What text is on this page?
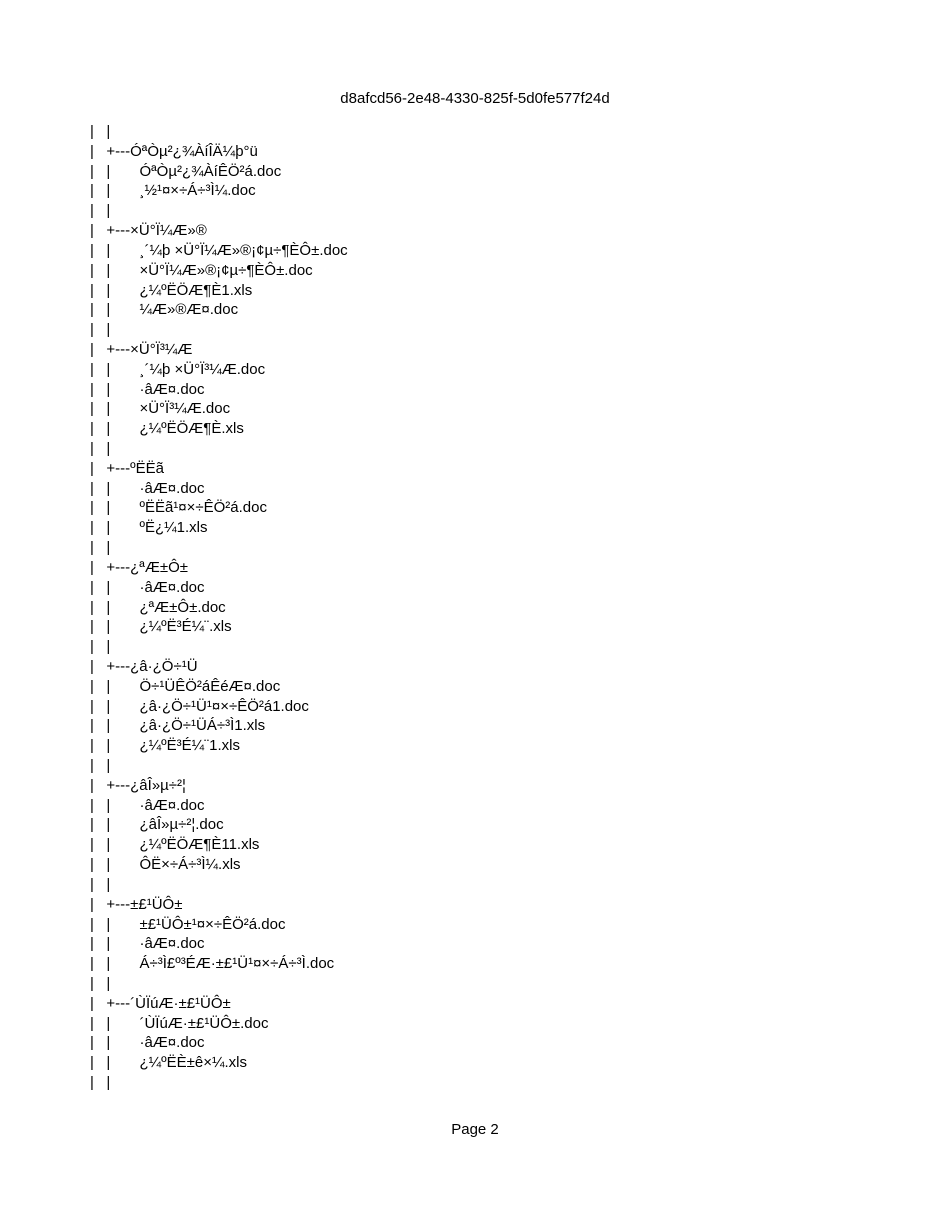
d8afcd56-2e48-4330-825f-5d0fe577f24d
|   |
|   +---ÓªÒµ²¿¾ÀíÎÄ¼þ°ü
|   |       ÓªÒµ²¿¾ÀíÊÖ²á.doc
|   |       ¸½¹¤×÷Á÷³Ì¼.doc
|   |
|   +---×Ü°Ï¼Æ»®
|   |       ¸´¼þ ×Ü°Ï¼Æ»®¡¢µ÷¶ÈÔ±.doc
|   |       ×Ü°Ï¼Æ»®¡¢µ÷¶ÈÔ±.doc
|   |       ¿¼ºËÖÆ¶È1.xls
|   |       ¼Æ»®Æ¤.doc
|   |
|   +---×Ü°Ï³¼Æ
|   |       ¸´¼þ ×Ü°Ï³¼Æ.doc
|   |       ·âÆ¤.doc
|   |       ×Ü°Ï³¼Æ.doc
|   |       ¿¼ºËÖÆ¶È.xls
|   |
|   +---ºËËã
|   |       ·âÆ¤.doc
|   |       ºËËã¹¤×÷ÊÖ²á.doc
|   |       ºË¿¼1.xls
|   |
|   +---¿ªÆ±Ô±
|   |       ·âÆ¤.doc
|   |       ¿ªÆ±Ô±.doc
|   |       ¿¼ºË³É¼¨.xls
|   |
|   +---¿â·¿Ö÷¹Ü
|   |       Ö÷¹ÜÊÖ²áÊéÆ¤.doc
|   |       ¿â·¿Ö÷¹Ü¹¤×÷ÊÖ²á1.doc
|   |       ¿â·¿Ö÷¹ÜÁ÷³Ì1.xls
|   |       ¿¼ºË³É¼¨1.xls
|   |
|   +---¿âÎ»µ÷²¦
|   |       ·âÆ¤.doc
|   |       ¿âÎ»µ÷²¦.doc
|   |       ¿¼ºËÖÆ¶È11.xls
|   |       ÔË×÷Á÷³Ì¼.xls
|   |
|   +---±£¹ÜÔ±
|   |       ±£¹ÜÔ±¹¤×÷ÊÖ²á.doc
|   |       ·âÆ¤.doc
|   |       Á÷³Ì£º³ÉÆ·±£¹Ü¹¤×÷Á÷³Ì.doc
|   |
|   +---´ÙÏúÆ·±£¹ÜÔ±
|   |       ´ÙÏúÆ·±£¹ÜÔ±.doc
|   |       ·âÆ¤.doc
|   |       ¿¼ºËÈ±ê×¼.xls
|   |
Page 2
